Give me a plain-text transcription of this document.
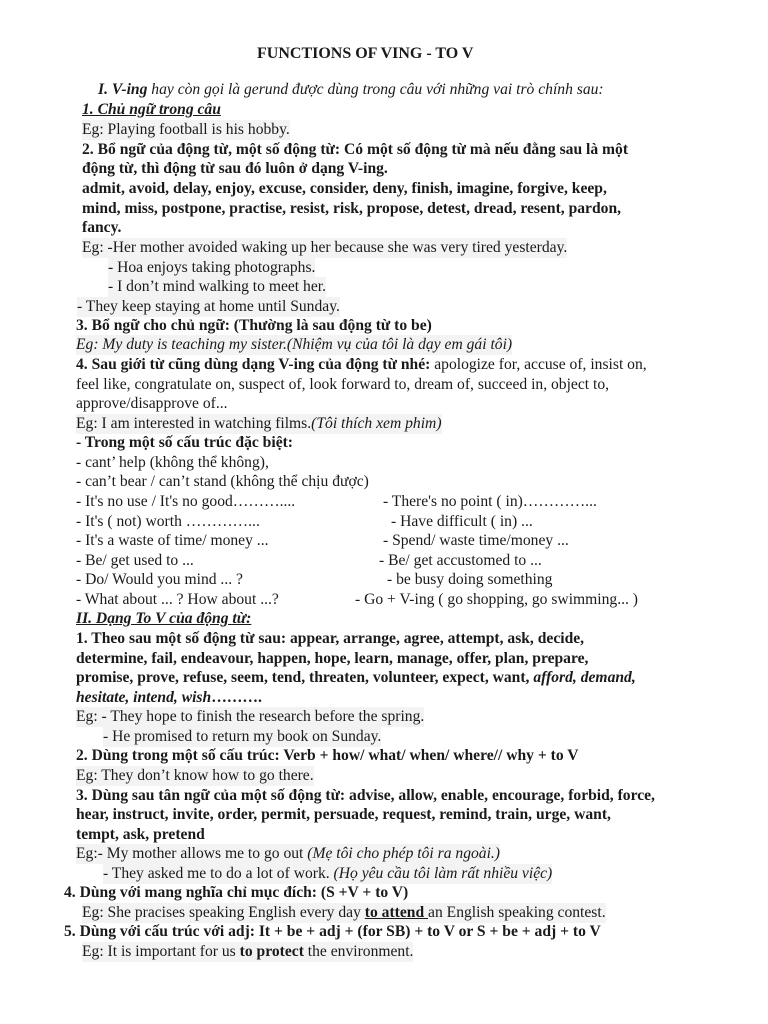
FUNCTIONS OF VING - TO V
I. V-ing hay còn gọi là gerund được dùng trong câu với những vai trò chính sau:
1. Chủ ngữ trong câu
Eg: Playing football is his hobby.
2. Bổ ngữ của động từ, một số động từ: Có một số động từ mà nếu đằng sau là một
động từ, thì động từ sau đó luôn ở dạng V-ing.
admit, avoid, delay, enjoy, excuse, consider, deny, finish, imagine, forgive, keep,
mind, miss, postpone, practise, resist, risk, propose, detest, dread, resent, pardon,
fancy.
Eg: -Her mother avoided waking up her because she was very tired yesterday.
- Hoa enjoys taking photographs.
- I don’t mind walking to meet her.
- They keep staying at home until Sunday.
3. Bổ ngữ cho chủ ngữ: (Thường là sau động từ to be)
Eg: My duty is teaching my sister.(Nhiệm vụ của tôi là dạy em gái tôi)
4. Sau giới từ cũng dùng dạng V-ing của động từ nhé: apologize for, accuse of, insist on,
feel like, congratulate on, suspect of, look forward to, dream of, succeed in, object to,
approve/disapprove of...
Eg: I am interested in watching films.(Tôi thích xem phim)
- Trong một số cấu trúc đặc biệt:
- cant’ help (không thể không),
- can’t bear / can’t stand (không thể chịu được)
- It's no use / It's no good………....	- There's no point ( in)…………...
- It's ( not) worth …………...	- Have difficult ( in) ...
- It's a waste of time/ money ...	- Spend/ waste time/money ...
- Be/ get used to ...	- Be/ get accustomed to ...
- Do/ Would you mind ... ?	- be busy doing something
- What about ... ? How about ...?	- Go + V-ing ( go shopping, go swimming... )
II. Dạng To V của động từ:
1. Theo sau một số động từ sau: appear, arrange, agree, attempt, ask, decide,
determine, fail, endeavour, happen, hope, learn, manage, offer, plan, prepare,
promise, prove, refuse, seem, tend, threaten, volunteer, expect, want, afford, demand,
hesitate, intend, wish……….
Eg: - They hope to finish the research before the spring.
- He promised to return my book on Sunday.
2. Dùng trong một số cấu trúc: Verb + how/ what/ when/ where// why + to V
Eg: They don’t know how to go there.
3. Dùng sau tân ngữ của một số động từ: advise, allow, enable, encourage, forbid, force,
hear, instruct, invite, order, permit, persuade, request, remind, train, urge, want,
tempt, ask, pretend
Eg:- My mother allows me to go out (Mẹ tôi cho phép tôi ra ngoài.)
- They asked me to do a lot of work. (Họ yêu cầu tôi làm rất nhiều việc)
4. Dùng với mang nghĩa chỉ mục đích: (S +V + to V)
Eg: She pracises speaking English every day to attend an English speaking contest.
5. Dùng với cấu trúc với adj: It + be + adj + (for SB) + to V or S + be + adj + to V
Eg: It is important for us to protect the environment.
